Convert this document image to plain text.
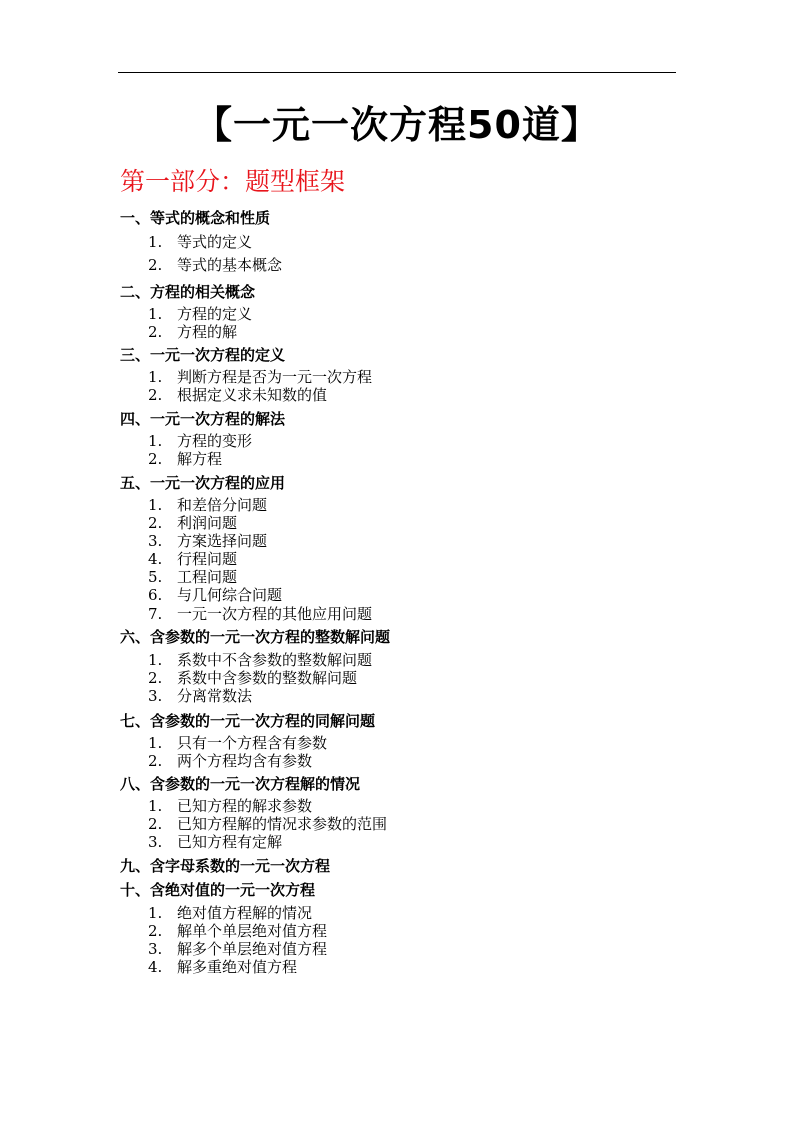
【一元一次方程50道】
第一部分：题型框架
一、等式的概念和性质
1. 等式的定义
2. 等式的基本概念
二、方程的相关概念
1. 方程的定义
2. 方程的解
三、一元一次方程的定义
1. 判断方程是否为一元一次方程
2. 根据定义求未知数的值
四、一元一次方程的解法
1. 方程的变形
2. 解方程
五、一元一次方程的应用
1. 和差倍分问题
2. 利润问题
3. 方案选择问题
4. 行程问题
5. 工程问题
6. 与几何综合问题
7. 一元一次方程的其他应用问题
六、含参数的一元一次方程的整数解问题
1. 系数中不含参数的整数解问题
2. 系数中含参数的整数解问题
3. 分离常数法
七、含参数的一元一次方程的同解问题
1. 只有一个方程含有参数
2. 两个方程均含有参数
八、含参数的一元一次方程解的情况
1. 已知方程的解求参数
2. 已知方程解的情况求参数的范围
3. 已知方程有定解
九、含字母系数的一元一次方程
十、含绝对值的一元一次方程
1. 绝对值方程解的情况
2. 解单个单层绝对值方程
3. 解多个单层绝对值方程
4. 解多重绝对值方程
